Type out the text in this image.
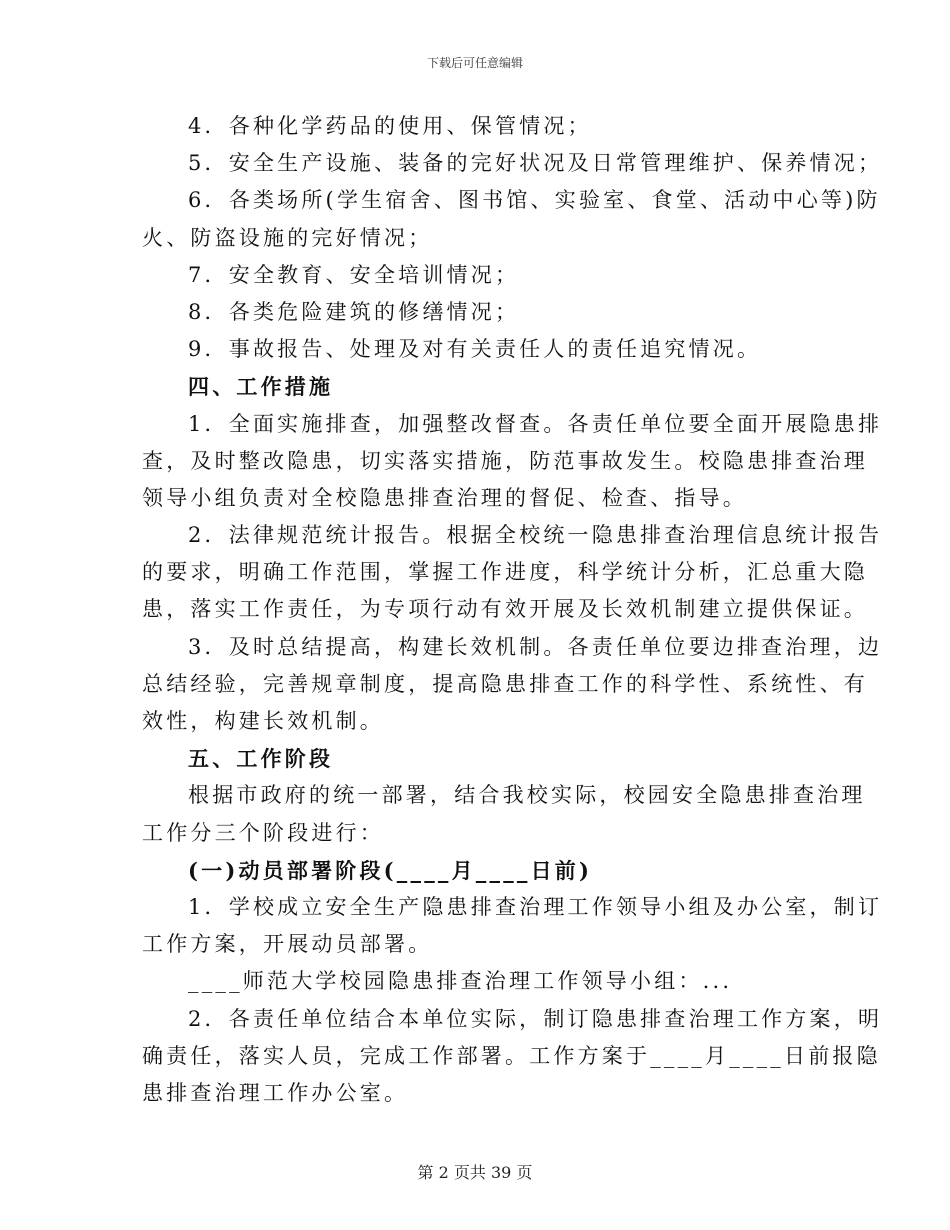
下载后可任意编辑
4．各种化学药品的使用、保管情况；
5．安全生产设施、装备的完好状况及日常管理维护、保养情况；
6．各类场所(学生宿舍、图书馆、实验室、食堂、活动中心等)防
火、防盗设施的完好情况；
7．安全教育、安全培训情况；
8．各类危险建筑的修缮情况；
9．事故报告、处理及对有关责任人的责任追究情况。
四、工作措施
1．全面实施排查，加强整改督查。各责任单位要全面开展隐患排
查，及时整改隐患，切实落实措施，防范事故发生。校隐患排查治理
领导小组负责对全校隐患排查治理的督促、检查、指导。
2．法律规范统计报告。根据全校统一隐患排查治理信息统计报告
的要求，明确工作范围，掌握工作进度，科学统计分析，汇总重大隐
患，落实工作责任，为专项行动有效开展及长效机制建立提供保证。
3．及时总结提高，构建长效机制。各责任单位要边排查治理，边
总结经验，完善规章制度，提高隐患排查工作的科学性、系统性、有
效性，构建长效机制。
五、工作阶段
根据市政府的统一部署，结合我校实际，校园安全隐患排查治理
工作分三个阶段进行：
(一)动员部署阶段(____月____日前)
1．学校成立安全生产隐患排查治理工作领导小组及办公室，制订
工作方案，开展动员部署。
____师范大学校园隐患排查治理工作领导小组：...
2．各责任单位结合本单位实际，制订隐患排查治理工作方案，明
确责任，落实人员，完成工作部署。工作方案于____月____日前报隐
患排查治理工作办公室。
第 2 页共 39 页
